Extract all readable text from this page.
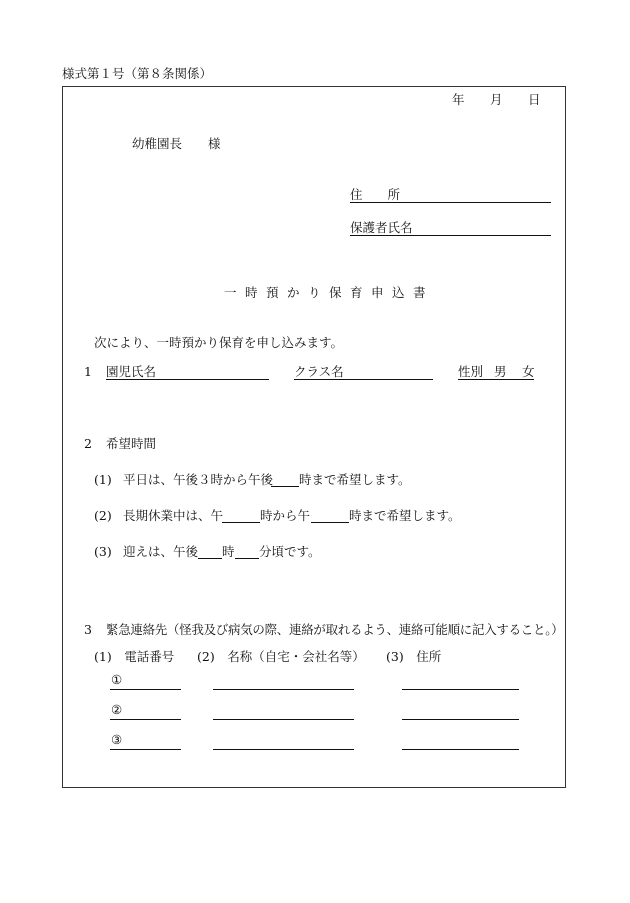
様式第１号（第８条関係）
年 月 日
幼稚園長 様
住　　所
保護者氏名
一時預かり保育申込書
次により、一時預かり保育を申し込みます。
1 園児氏名	クラス名	性別 男 女
2 希望時間
(1) 平日は、午後３時から午後 時まで希望します。
(2) 長期休業中は、午	時から午	時まで希望します。
(3) 迎えは、午後 時 分頃です。
3 緊急連絡先（怪我及び病気の際、連絡が取れるよう、連絡可能順に記入すること。）
(1)　電話番号 (2)　名称（自宅・会社名等） (3)　住所
①
②
③
